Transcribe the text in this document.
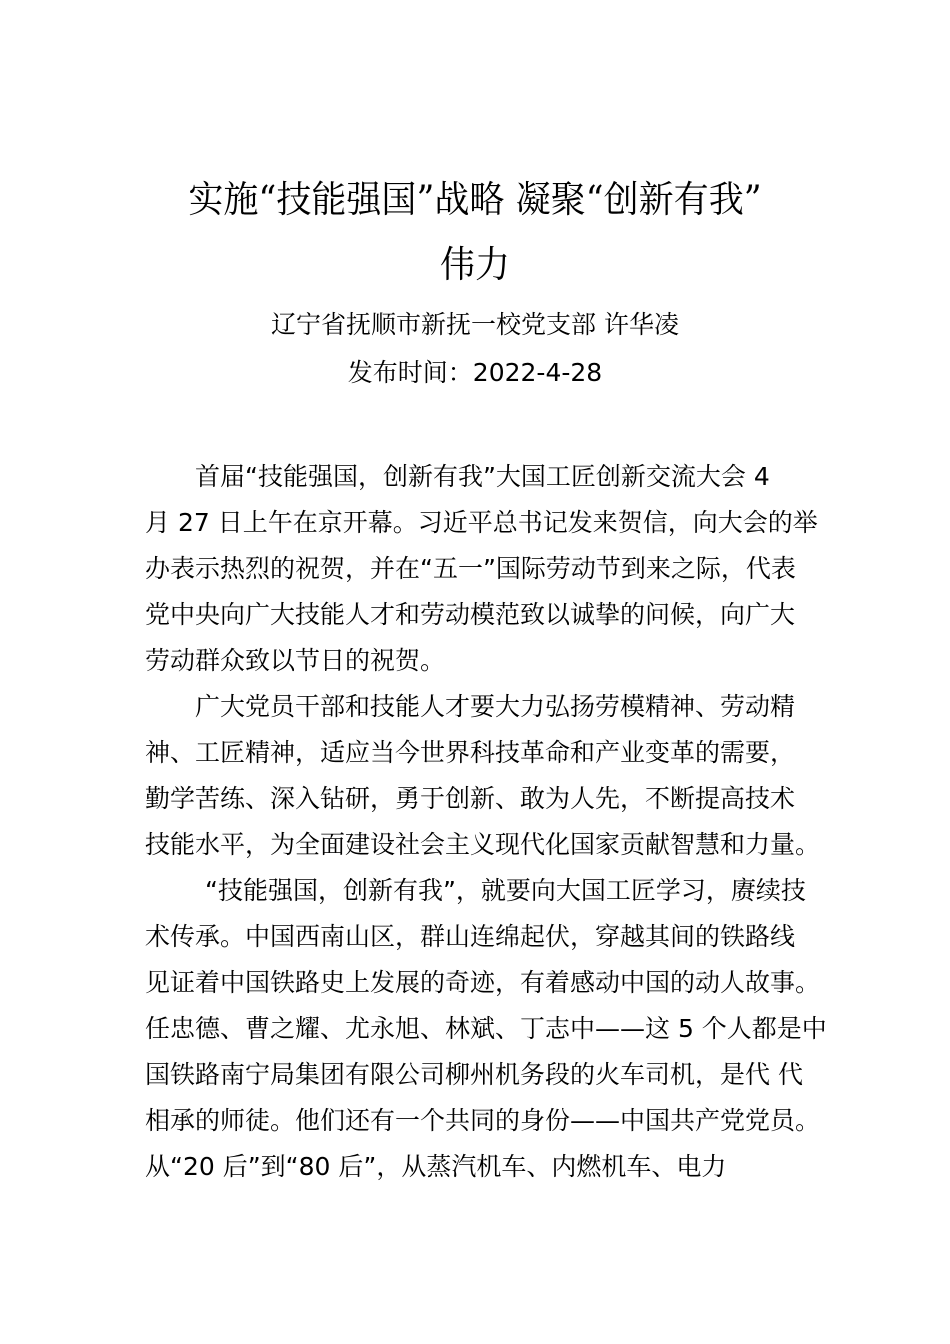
实施“技能强国”战略 凝聚“创新有我”
伟力
辽宁省抚顺市新抚一校党支部 许华凌
发布时间：2022-4-28
首届“技能强国，创新有我”大国工匠创新交流大会 4
月 27 日上午在京开幕。习近平总书记发来贺信，向大会的举
办表示热烈的祝贺，并在“五一”国际劳动节到来之际，代表
党中央向广大技能人才和劳动模范致以诚挚的问候，向广大
劳动群众致以节日的祝贺。
广大党员干部和技能人才要大力弘扬劳模精神、劳动精
神、工匠精神，适应当今世界科技革命和产业变革的需要，
勤学苦练、深入钻研，勇于创新、敢为人先，不断提高技术
技能水平，为全面建设社会主义现代化国家贡献智慧和力量。
“技能强国，创新有我”，就要向大国工匠学习，赓续技
术传承。中国西南山区，群山连绵起伏，穿越其间的铁路线
见证着中国铁路史上发展的奇迹，有着感动中国的动人故事。
任忠德、曹之耀、尤永旭、林斌、丁志中——这 5 个人都是中
国铁路南宁局集团有限公司柳州机务段的火车司机，是代 代
相承的师徒。他们还有一个共同的身份——中国共产党党员。
从“20 后”到“80 后”，从蒸汽机车、内燃机车、电力
